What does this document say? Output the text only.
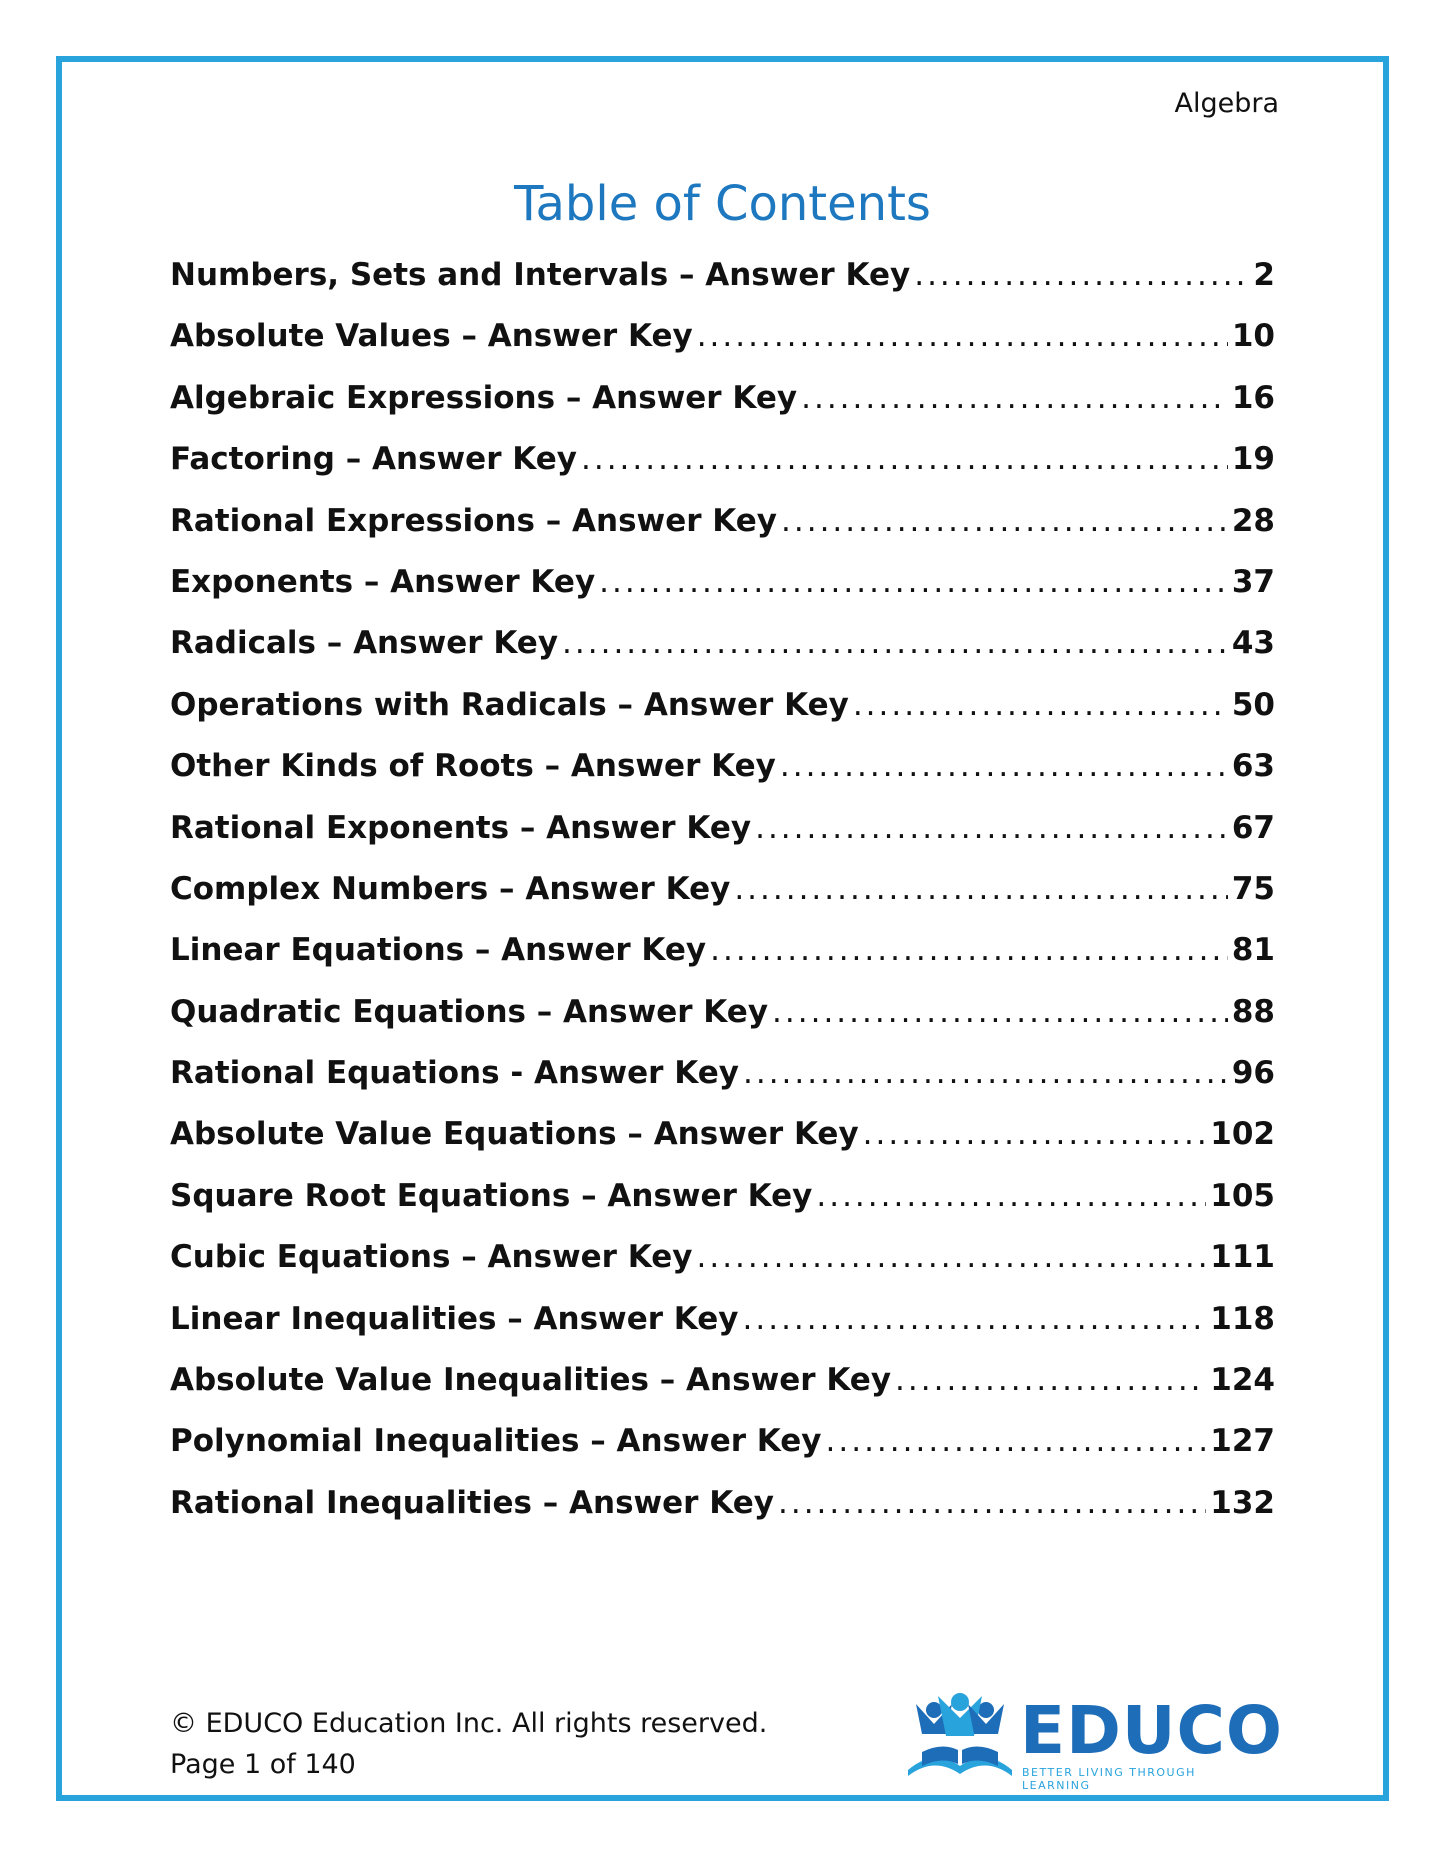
Algebra
Table of Contents
Numbers, Sets and Intervals – Answer Key .....	2
Absolute Values – Answer Key .....	10
Algebraic Expressions – Answer Key .....	16
Factoring – Answer Key .....	19
Rational Expressions – Answer Key .....	28
Exponents – Answer Key .....	37
Radicals – Answer Key .....	43
Operations with Radicals – Answer Key .....	50
Other Kinds of Roots – Answer Key .....	63
Rational Exponents – Answer Key .....	67
Complex Numbers – Answer Key .....	75
Linear Equations – Answer Key .....	81
Quadratic Equations – Answer Key .....	88
Rational Equations - Answer Key .....	96
Absolute Value Equations – Answer Key .....	102
Square Root Equations – Answer Key .....	105
Cubic Equations – Answer Key .....	111
Linear Inequalities – Answer Key .....	118
Absolute Value Inequalities – Answer Key .....	124
Polynomial Inequalities – Answer Key .....	127
Rational Inequalities – Answer Key .....	132
© EDUCO Education Inc. All rights reserved.
Page 1 of 140	EDUCO
BETTER LIVING THROUGH LEARNING
